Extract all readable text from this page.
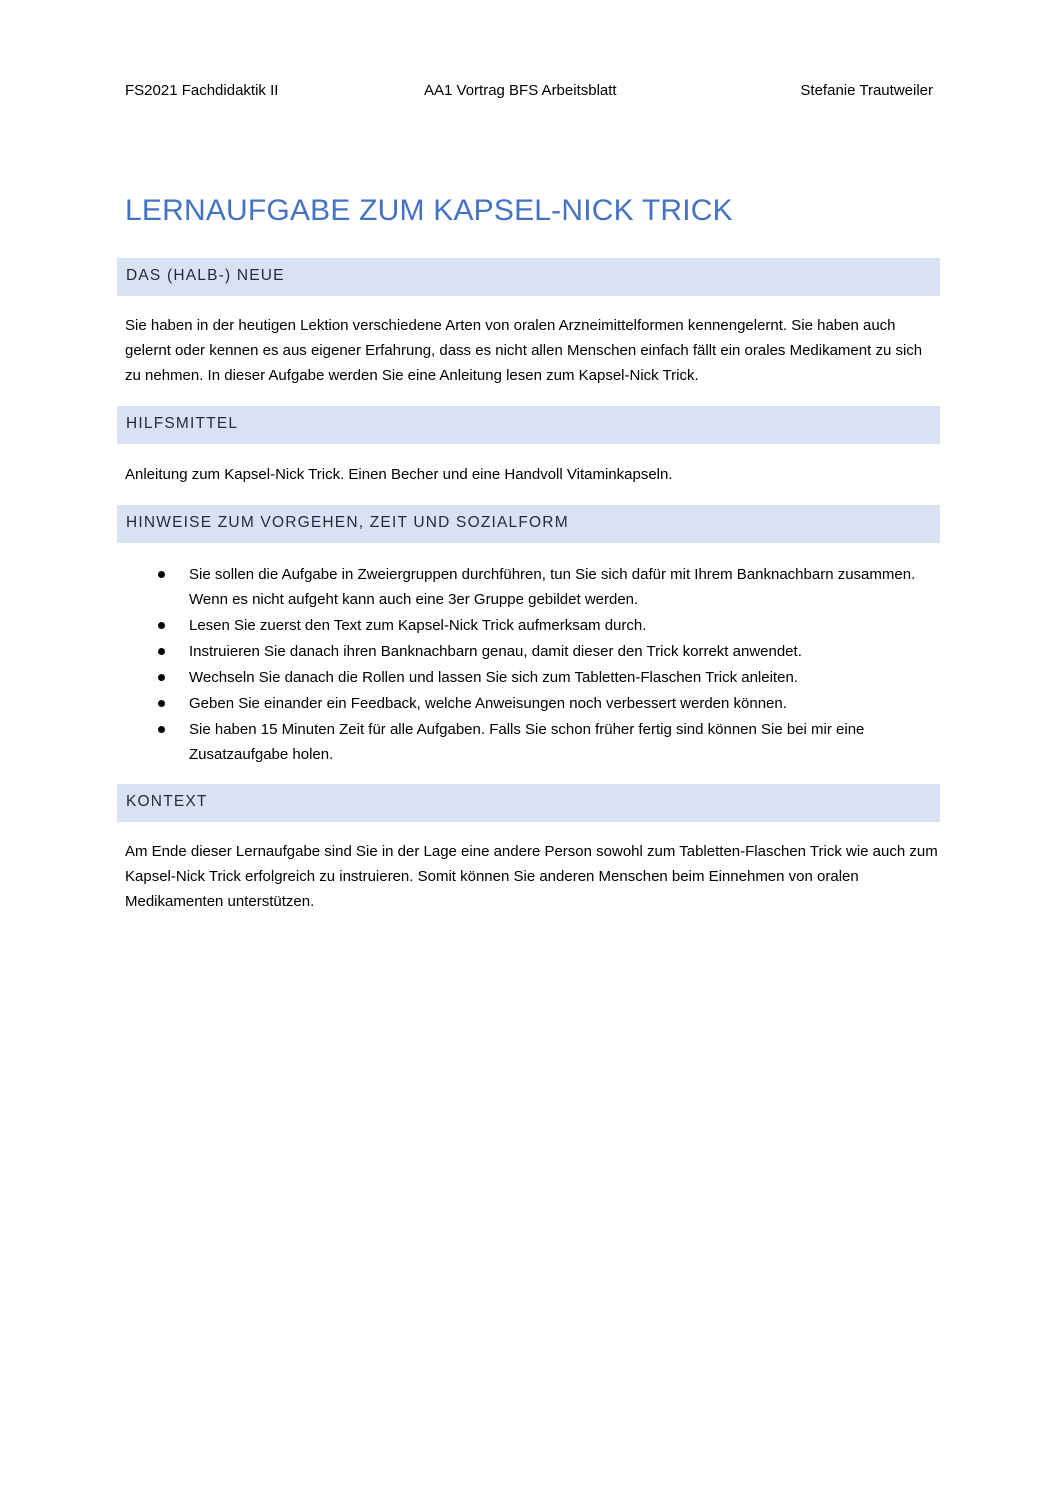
FS2021 Fachdidaktik II	AA1 Vortrag BFS Arbeitsblatt	Stefanie Trautweiler
LERNAUFGABE ZUM KAPSEL-NICK TRICK
DAS (HALB-) NEUE

Sie haben in der heutigen Lektion verschiedene Arten von oralen Arzneimittelformen kennengelernt. Sie haben auch gelernt oder kennen es aus eigener Erfahrung, dass es nicht allen Menschen einfach fällt ein orales Medikament zu sich zu nehmen. In dieser Aufgabe werden Sie eine Anleitung lesen zum Kapsel-Nick Trick.

HILFSMITTEL

Anleitung zum Kapsel-Nick Trick. Einen Becher und eine Handvoll Vitaminkapseln.

HINWEISE ZUM VORGEHEN, ZEIT UND SOZIALFORM
Sie sollen die Aufgabe in Zweiergruppen durchführen, tun Sie sich dafür mit Ihrem Banknachbarn zusammen. Wenn es nicht aufgeht kann auch eine 3er Gruppe gebildet werden.
Lesen Sie zuerst den Text zum Kapsel-Nick Trick aufmerksam durch.
Instruieren Sie danach ihren Banknachbarn genau, damit dieser den Trick korrekt anwendet.
Wechseln Sie danach die Rollen und lassen Sie sich zum Tabletten-Flaschen Trick anleiten.
Geben Sie einander ein Feedback, welche Anweisungen noch verbessert werden können.
Sie haben 15 Minuten Zeit für alle Aufgaben. Falls Sie schon früher fertig sind können Sie bei mir eine Zusatzaufgabe holen.
KONTEXT

Am Ende dieser Lernaufgabe sind Sie in der Lage eine andere Person sowohl zum Tabletten-Flaschen Trick wie auch zum Kapsel-Nick Trick erfolgreich zu instruieren. Somit können Sie anderen Menschen beim Einnehmen von oralen Medikamenten unterstützen.
